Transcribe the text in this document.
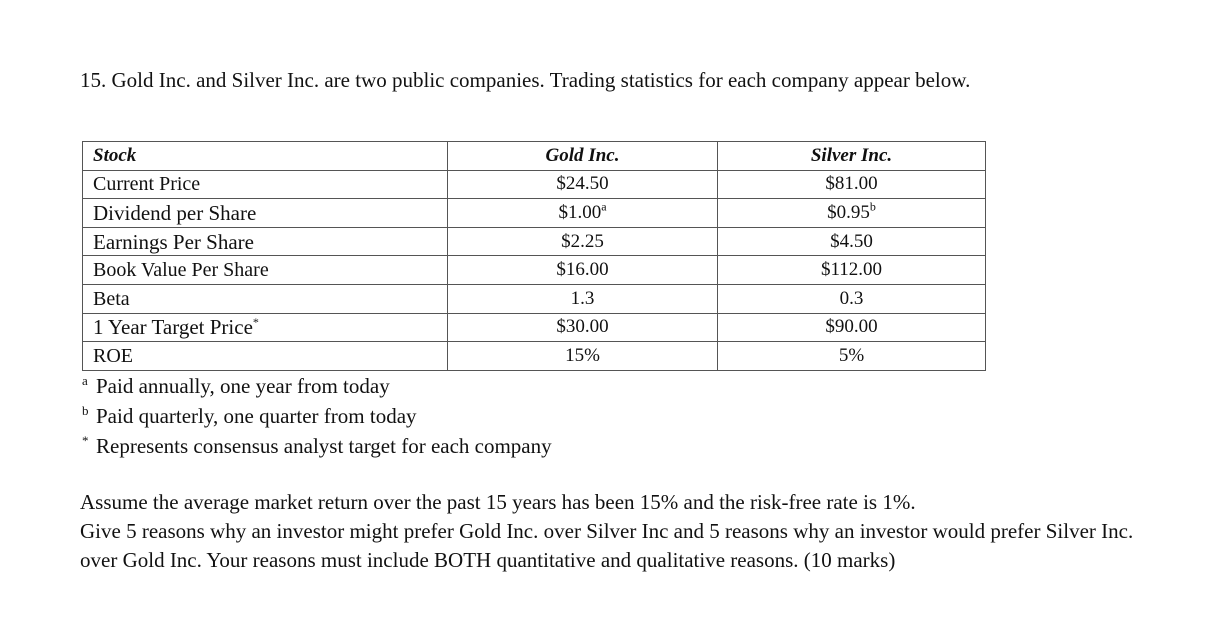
15. Gold Inc. and Silver Inc. are two public companies. Trading statistics for each company appear below.
Stock	Gold Inc.	Silver Inc.
Current Price	$24.50	$81.00
Dividend per Share	$1.00$^a$	$0.95$^b$
Earnings Per Share	$2.25	$4.50
Book Value Per Share	$16.00	$112.00
Beta	1.3	0.3
1 Year Target Price*	$30.00	$90.00
ROE	15%	5%
a Paid annually, one year from today
b Paid quarterly, one quarter from today
* Represents consensus analyst target for each company

Assume the average market return over the past 15 years has been 15% and the risk-free rate is 1%.

Give 5 reasons why an investor might prefer Gold Inc. over Silver Inc and 5 reasons why an investor would prefer Silver Inc. over Gold Inc. Your reasons must include BOTH quantitative and qualitative reasons. (10 marks)
